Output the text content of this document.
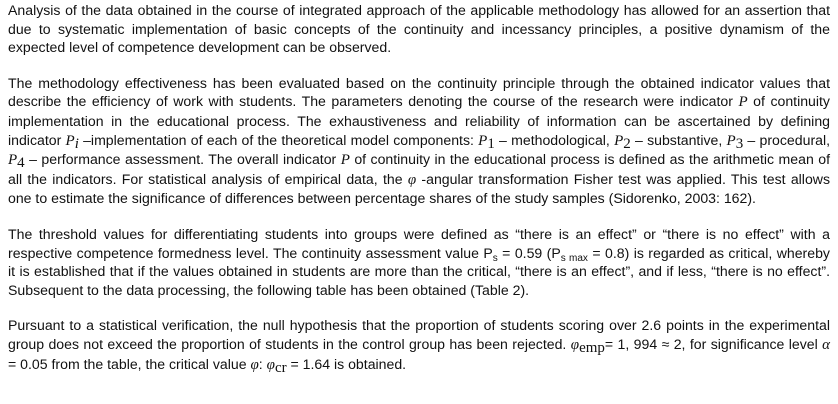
Analysis of the data obtained in the course of integrated approach of the applicable methodology has allowed for an assertion that due to systematic implementation of basic concepts of the continuity and incessancy principles, a positive dynamism of the expected level of competence development can be observed.

The methodology effectiveness has been evaluated based on the continuity principle through the obtained indicator values that describe the efficiency of work with students. The parameters denoting the course of the research were indicator P of continuity implementation in the educational process. The exhaustiveness and reliability of information can be ascertained by defining indicator $P_i$ –implementation of each of the theoretical model components: $P_1$ – methodological, $P_2$ – substantive, $P_3$ – procedural, $P_4$ – performance assessment. The overall indicator P of continuity in the educational process is defined as the arithmetic mean of all the indicators. For statistical analysis of empirical data, the φ -angular transformation Fisher test was applied. This test allows one to estimate the significance of differences between percentage shares of the study samples (Sidorenko, 2003: 162).

The threshold values for differentiating students into groups were defined as “there is an effect” or “there is no effect” with a respective competence formedness level. The continuity assessment value $P_s = 0.59$ $(P_{s max} = 0.8)$ is regarded as critical, whereby it is established that if the values obtained in students are more than the critical, “there is an effect”, and if less, “there is no effect”. Subsequent to the data processing, the following table has been obtained (Table 2).

Pursuant to a statistical verification, the null hypothesis that the proportion of students scoring over 2.6 points in the experimental group does not exceed the proportion of students in the control group has been rejected. $\varphi_{emp}= 1$, 994 ≈ 2, for significance level α = 0.05 from the table, the critical value φ: $\varphi_{cr} = 1.64$ is obtained.
